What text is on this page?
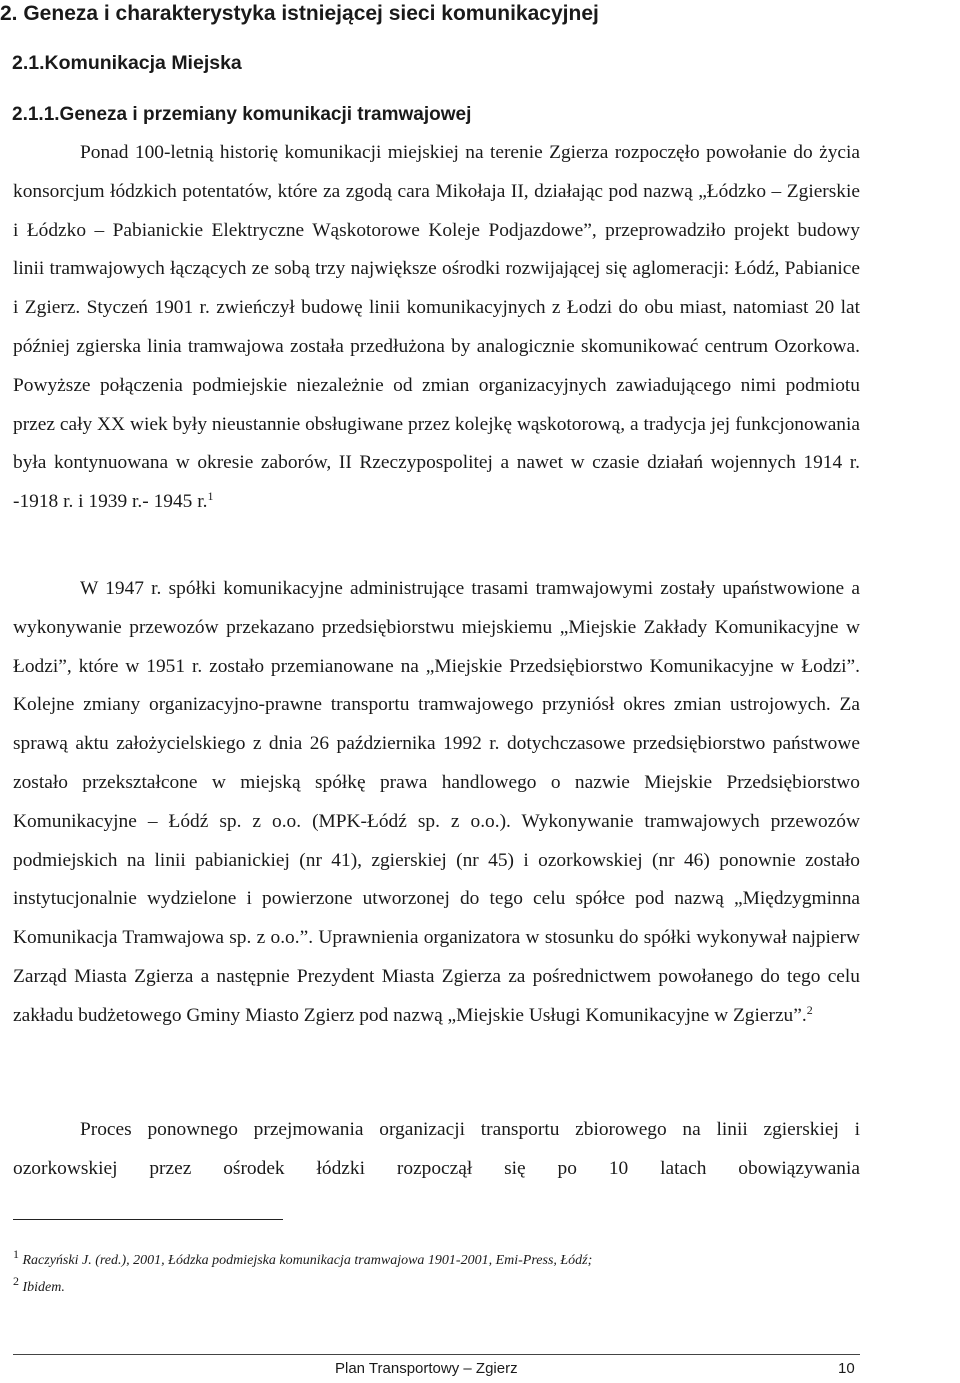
2. Geneza i charakterystyka istniejącej sieci komunikacyjnej
2.1.Komunikacja Miejska
2.1.1.Geneza i przemiany komunikacji tramwajowej

Ponad 100-letnią historię komunikacji miejskiej na terenie Zgierza rozpoczęło powołanie do życia konsorcjum łódzkich potentatów, które za zgodą cara Mikołaja II, działając pod nazwą „Łódzko – Zgierskie i Łódzko – Pabianickie Elektryczne Wąskotorowe Koleje Podjazdowe”, przeprowadziło projekt budowy linii tramwajowych łączących ze sobą trzy największe ośrodki rozwijającej się aglomeracji: Łódź, Pabianice i Zgierz. Styczeń 1901 r. zwieńczył budowę linii komunikacyjnych z Łodzi do obu miast, natomiast 20 lat później zgierska linia tramwajowa została przedłużona by analogicznie skomunikować centrum Ozorkowa. Powyższe połączenia podmiejskie niezależnie od zmian organizacyjnych zawiadującego nimi podmiotu przez cały XX wiek były nieustannie obsługiwane przez kolejkę wąskotorową, a tradycja jej funkcjonowania była kontynuowana w okresie zaborów, II Rzeczypospolitej a nawet w czasie działań wojennych 1914 r. -1918 r. i 1939 r.- 1945 r.$^1$

W 1947 r. spółki komunikacyjne administrujące trasami tramwajowymi zostały upaństwowione a wykonywanie przewozów przekazano przedsiębiorstwu miejskiemu „Miejskie Zakłady Komunikacyjne w Łodzi”, które w 1951 r. zostało przemianowane na „Miejskie Przedsiębiorstwo Komunikacyjne w Łodzi”. Kolejne zmiany organizacyjno-prawne transportu tramwajowego przyniósł okres zmian ustrojowych. Za sprawą aktu założycielskiego z dnia 26 października 1992 r. dotychczasowe przedsiębiorstwo państwowe zostało przekształcone w miejską spółkę prawa handlowego o nazwie Miejskie Przedsiębiorstwo Komunikacyjne – Łódź sp. z o.o. (MPK-Łódź sp. z o.o.). Wykonywanie tramwajowych przewozów podmiejskich na linii pabianickiej (nr 41), zgierskiej (nr 45) i ozorkowskiej (nr 46) ponownie zostało instytucjonalnie wydzielone i powierzone utworzonej do tego celu spółce pod nazwą „Międzygminna Komunikacja Tramwajowa sp. z o.o.”. Uprawnienia organizatora w stosunku do spółki wykonywał najpierw Zarząd Miasta Zgierza a następnie Prezydent Miasta Zgierza za pośrednictwem powołanego do tego celu zakładu budżetowego Gminy Miasto Zgierz pod nazwą „Miejskie Usługi Komunikacyjne w Zgierzu”.$^2$

Proces ponownego przejmowania organizacji transportu zbiorowego na linii zgierskiej i ozorkowskiej przez ośrodek łódzki rozpoczął się po 10 latach obowiązywania

$^1$ Raczyński J. (red.), 2001, Łódzka podmiejska komunikacja tramwajowa 1901-2001, Emi-Press, Łódź;
$^2$ Ibidem.
Plan Transportowy – Zgierz	10
